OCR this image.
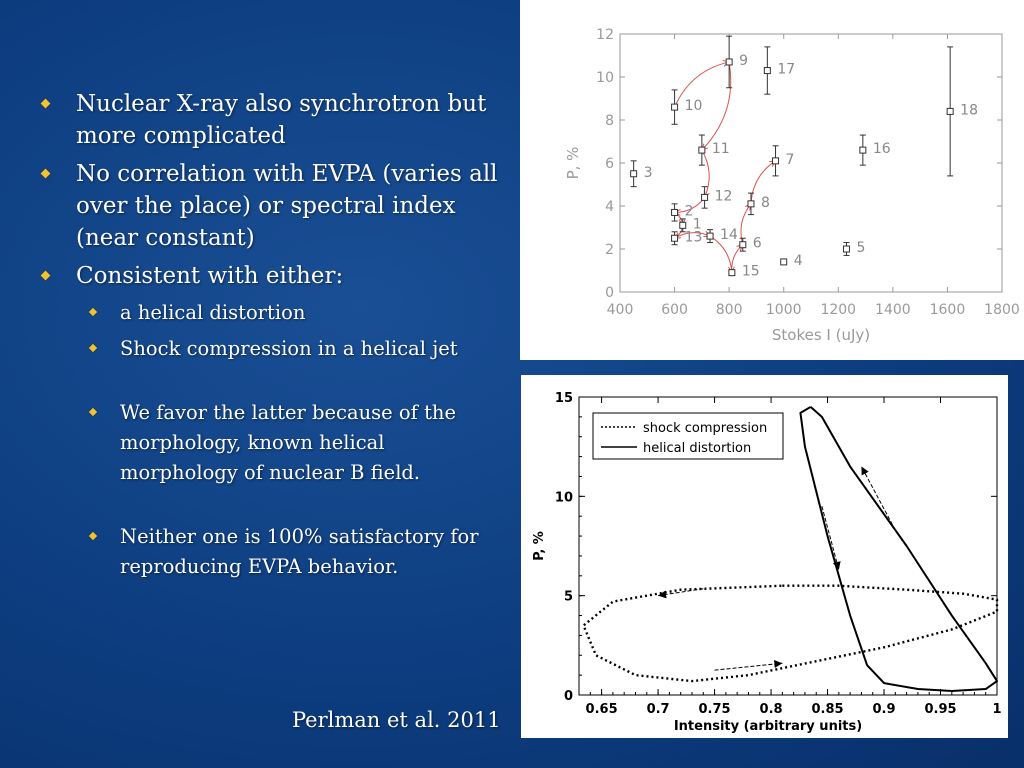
Nuclear X-ray also synchrotron but more complicated
No correlation with EVPA (varies all over the place) or spectral index (near constant)
Consistent with either:
a helical distortion
Shock compression in a helical jet
We favor the latter because of the morphology, known helical morphology of nuclear B field.
Neither one is 100% satisfactory for reproducing EVPA behavior.
Perlman et al. 2011
400 600 800 1000 1200 1400 1600 1800
0
2
4
6
8
10
12
Stokes I (uJy)
P, %
1
2
3
4
5
6
7
8
9
10
11
12
13 14
15
16
17
18
0.65 0.7 0.75 0.8 0.85 0.9 0.95	1
0
5
10
15
Intensity (arbitrary units)
P, %
shock compression
helical distortion
